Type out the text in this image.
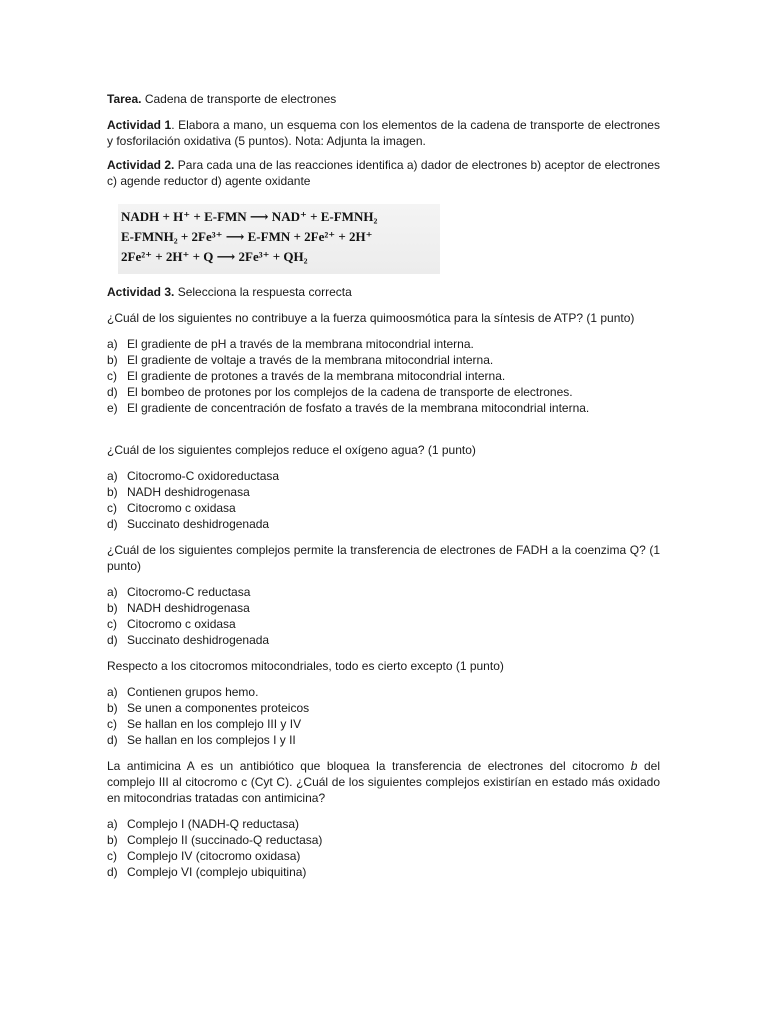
Tarea. Cadena de transporte de electrones

Actividad 1. Elabora a mano, un esquema con los elementos de la cadena de transporte de electrones y fosforilación oxidativa (5 puntos). Nota: Adjunta la imagen.

Actividad 2. Para cada una de las reacciones identifica a) dador de electrones b) aceptor de electrones c) agende reductor d) agente oxidante

NADH + H⁺ + E-FMN ⟶ NAD⁺ + E-FMNH₂
E-FMNH₂ + 2Fe³⁺ ⟶ E-FMN + 2Fe²⁺ + 2H⁺
2Fe²⁺ + 2H⁺ + Q ⟶ 2Fe³⁺ + QH₂

Actividad 3. Selecciona la respuesta correcta

¿Cuál de los siguientes no contribuye a la fuerza quimoosmótica para la síntesis de ATP? (1 punto)

a) El gradiente de pH a través de la membrana mitocondrial interna.
b) El gradiente de voltaje a través de la membrana mitocondrial interna.
c) El gradiente de protones a través de la membrana mitocondrial interna.
d) El bombeo de protones por los complejos de la cadena de transporte de electrones.
e) El gradiente de concentración de fosfato a través de la membrana mitocondrial interna.

¿Cuál de los siguientes complejos reduce el oxígeno agua? (1 punto)

a) Citocromo-C oxidoreductasa
b) NADH deshidrogenasa
c) Citocromo c oxidasa
d) Succinato deshidrogenada

¿Cuál de los siguientes complejos permite la transferencia de electrones de FADH a la coenzima Q? (1 punto)

a) Citocromo-C reductasa
b) NADH deshidrogenasa
c) Citocromo c oxidasa
d) Succinato deshidrogenada

Respecto a los citocromos mitocondriales, todo es cierto excepto (1 punto)

a) Contienen grupos hemo.
b) Se unen a componentes proteicos
c) Se hallan en los complejo III y IV
d) Se hallan en los complejos I y II

La antimicina A es un antibiótico que bloquea la transferencia de electrones del citocromo b del complejo III al citocromo c (Cyt C). ¿Cuál de los siguientes complejos existirían en estado más oxidado en mitocondrias tratadas con antimicina?

a) Complejo I (NADH-Q reductasa)
b) Complejo II (succinado-Q reductasa)
c) Complejo IV (citocromo oxidasa)
d) Complejo VI (complejo ubiquitina)
